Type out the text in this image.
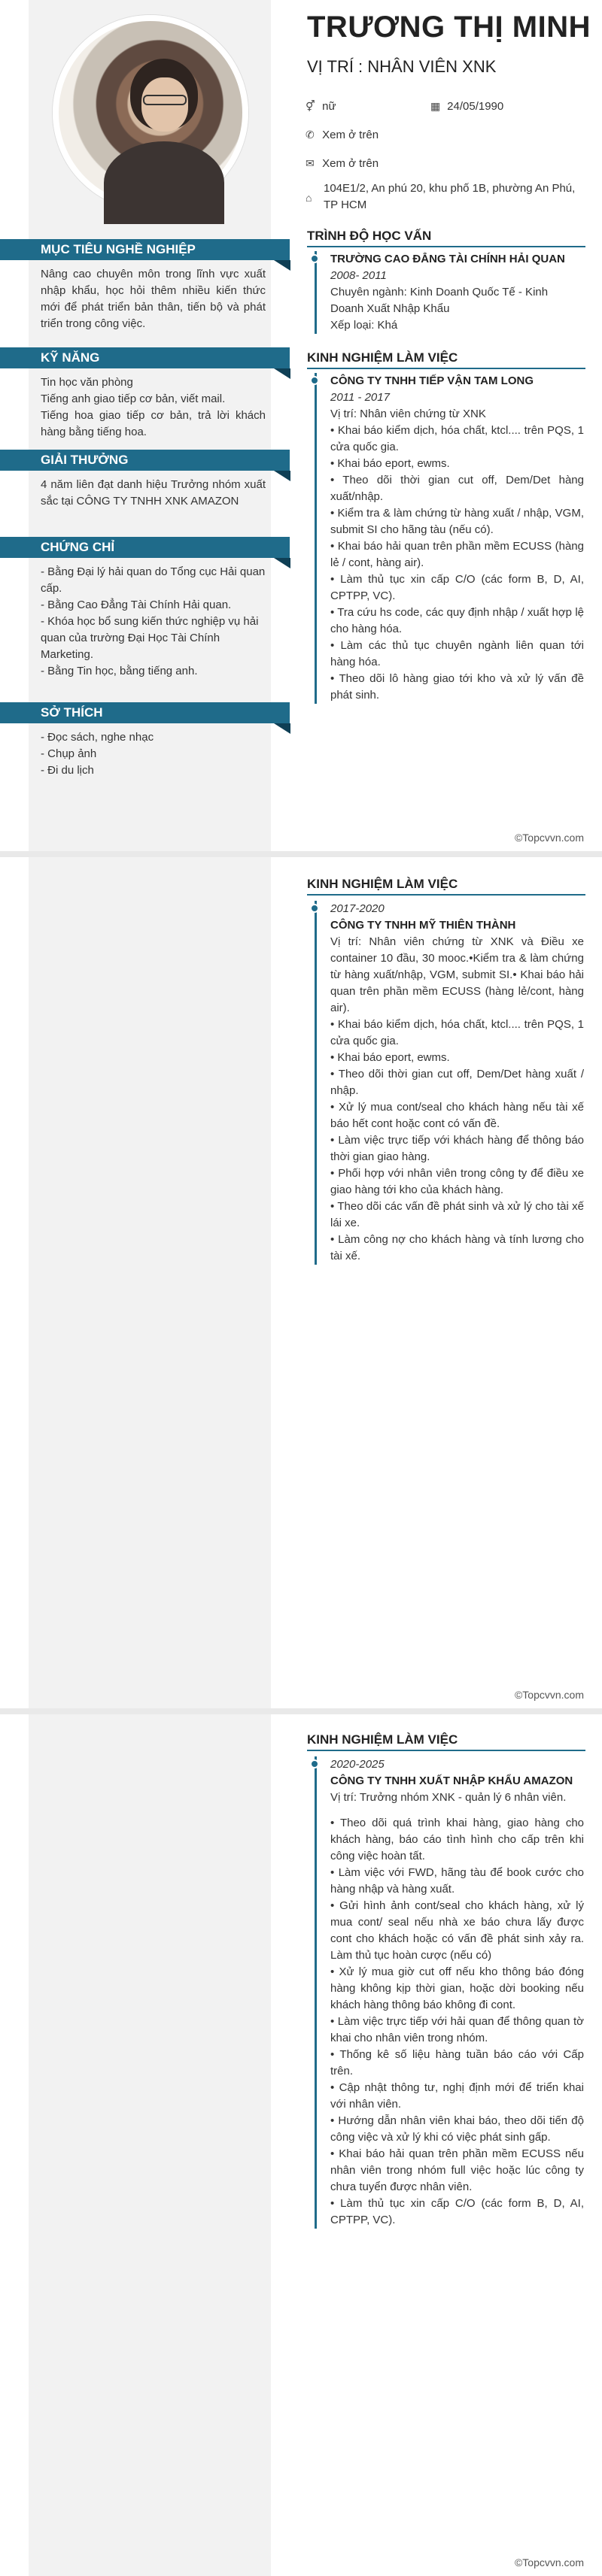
TRƯƠNG THỊ MINH
VỊ TRÍ : NHÂN VIÊN XNK
⚥ nữ	▦ 24/05/1990
✆ Xem ở trên
✉ Xem ở trên
⌂
104E1/2, An phú 20, khu phố 1B, phường An Phú, TP HCM
TRÌNH ĐỘ HỌC VẤN
TRƯỜNG CAO ĐẲNG TÀI CHÍNH HẢI QUAN
2008- 2011
Chuyên ngành: Kinh Doanh Quốc Tế - Kinh Doanh Xuất Nhập Khẩu
Xếp loại: Khá
KINH NGHIỆM LÀM VIỆC
CÔNG TY TNHH TIẾP VẬN TAM LONG
2011 - 2017
Vị trí: Nhân viên chứng từ XNK
• Khai báo kiểm dịch, hóa chất, ktcl.... trên PQS, 1 cửa quốc gia.
• Khai báo eport, ewms.
• Theo dõi thời gian cut off, Dem/Det hàng xuất/nhập.
• Kiểm tra & làm chứng từ hàng xuất / nhập, VGM, submit SI cho hãng tàu (nếu có).
• Khai báo hải quan trên phần mềm ECUSS (hàng lẻ / cont, hàng air).
• Làm thủ tục xin cấp C/O (các form B, D, AI, CPTPP, VC).
• Tra cứu hs code, các quy định nhập / xuất hợp lệ cho hàng hóa.
• Làm các thủ tục chuyên ngành liên quan tới hàng hóa.
• Theo dõi lô hàng giao tới kho và xử lý vấn đề phát sinh.
MỤC TIÊU NGHỀ NGHIỆP
Nâng cao chuyên môn trong lĩnh vực xuất nhập khẩu, học hỏi thêm nhiều kiến thức mới để phát triển bản thân, tiến bộ và phát triển trong công việc.
KỸ NĂNG

Tin học văn phòng

Tiếng anh giao tiếp cơ bản, viết mail.

Tiếng hoa giao tiếp cơ bản, trả lời khách hàng bằng tiếng hoa.

GIẢI THƯỞNG
4 năm liên đạt danh hiệu Trưởng nhóm xuất sắc tại CÔNG TY TNHH XNK AMAZON
CHỨNG CHỈ

- Bằng Đại lý hải quan do Tổng cục Hải quan cấp.

- Bằng Cao Đẳng Tài Chính Hải quan.

- Khóa học bổ sung kiến thức nghiệp vụ hải quan của trường Đại Học Tài Chính Marketing.

- Bằng Tin học, bằng tiếng anh.

SỞ THÍCH

- Đọc sách, nghe nhạc

- Chụp ảnh

- Đi du lịch

©Topcvvn.com
KINH NGHIỆM LÀM VIỆC
2017-2020
CÔNG TY TNHH MỸ THIÊN THÀNH
Vị trí: Nhân viên chứng từ XNK và Điều xe container 10 đầu, 30 mooc.•Kiểm tra & làm chứng từ hàng xuất/nhập, VGM, submit SI.• Khai báo hải quan trên phần mềm ECUSS (hàng lẻ/cont, hàng air).
• Khai báo kiểm dịch, hóa chất, ktcl.... trên PQS, 1 cửa quốc gia.
• Khai báo eport, ewms.
• Theo dõi thời gian cut off, Dem/Det hàng xuất / nhập.
• Xử lý mua cont/seal cho khách hàng nếu tài xế báo hết cont hoặc cont có vấn đề.
• Làm việc trực tiếp với khách hàng để thông báo thời gian giao hàng.
• Phối hợp với nhân viên trong công ty để điều xe giao hàng tới kho của khách hàng.
• Theo dõi các vấn đề phát sinh và xử lý cho tài xế lái xe.
• Làm công nợ cho khách hàng và tính lương cho tài xế.
©Topcvvn.com
KINH NGHIỆM LÀM VIỆC
2020-2025
CÔNG TY TNHH XUẤT NHẬP KHẨU AMAZON
Vị trí: Trưởng nhóm XNK - quản lý 6 nhân viên.
• Theo dõi quá trình khai hàng, giao hàng cho khách hàng, báo cáo tình hình cho cấp trên khi công việc hoàn tất.
• Làm việc với FWD, hãng tàu để book cước cho hàng nhập và hàng xuất.
• Gửi hình ảnh cont/seal cho khách hàng, xử lý mua cont/ seal nếu nhà xe báo chưa lấy được cont cho khách hoặc có vấn đề phát sinh xảy ra. Làm thủ tục hoàn cược (nếu có)
• Xử lý mua giờ cut off nếu kho thông báo đóng hàng không kịp thời gian, hoặc dời booking nếu khách hàng thông báo không đi cont.
• Làm việc trực tiếp với hải quan để thông quan tờ khai cho nhân viên trong nhóm.
• Thống kê số liệu hàng tuần báo cáo với Cấp trên.
• Cập nhật thông tư, nghị định mới để triển khai với nhân viên.
• Hướng dẫn nhân viên khai báo, theo dõi tiến độ công việc và xử lý khi có việc phát sinh gấp.
• Khai báo hải quan trên phần mềm ECUSS nếu nhân viên trong nhóm full việc hoặc lúc công ty chưa tuyển được nhân viên.
• Làm thủ tục xin cấp C/O (các form B, D, AI, CPTPP, VC).
©Topcvvn.com
